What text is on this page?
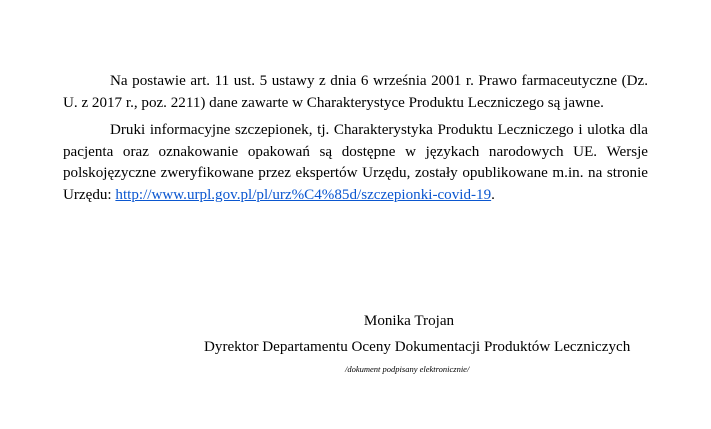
Na postawie art. 11 ust. 5 ustawy z dnia 6 września 2001 r. Prawo farmaceutyczne (Dz. U. z 2017 r., poz. 2211) dane zawarte w Charakterystyce Produktu Leczniczego są jawne.

Druki informacyjne szczepionek, tj. Charakterystyka Produktu Leczniczego i ulotka dla pacjenta oraz oznakowanie opakowań są dostępne w językach narodowych UE. Wersje polskojęzyczne zweryfikowane przez ekspertów Urzędu, zostały opublikowane m.in. na stronie Urzędu: http://www.urpl.gov.pl/pl/urz%C4%85d/szczepionki-covid-19.

Monika Trojan
Dyrektor Departamentu Oceny Dokumentacji Produktów Leczniczych
/dokument podpisany elektronicznie/
